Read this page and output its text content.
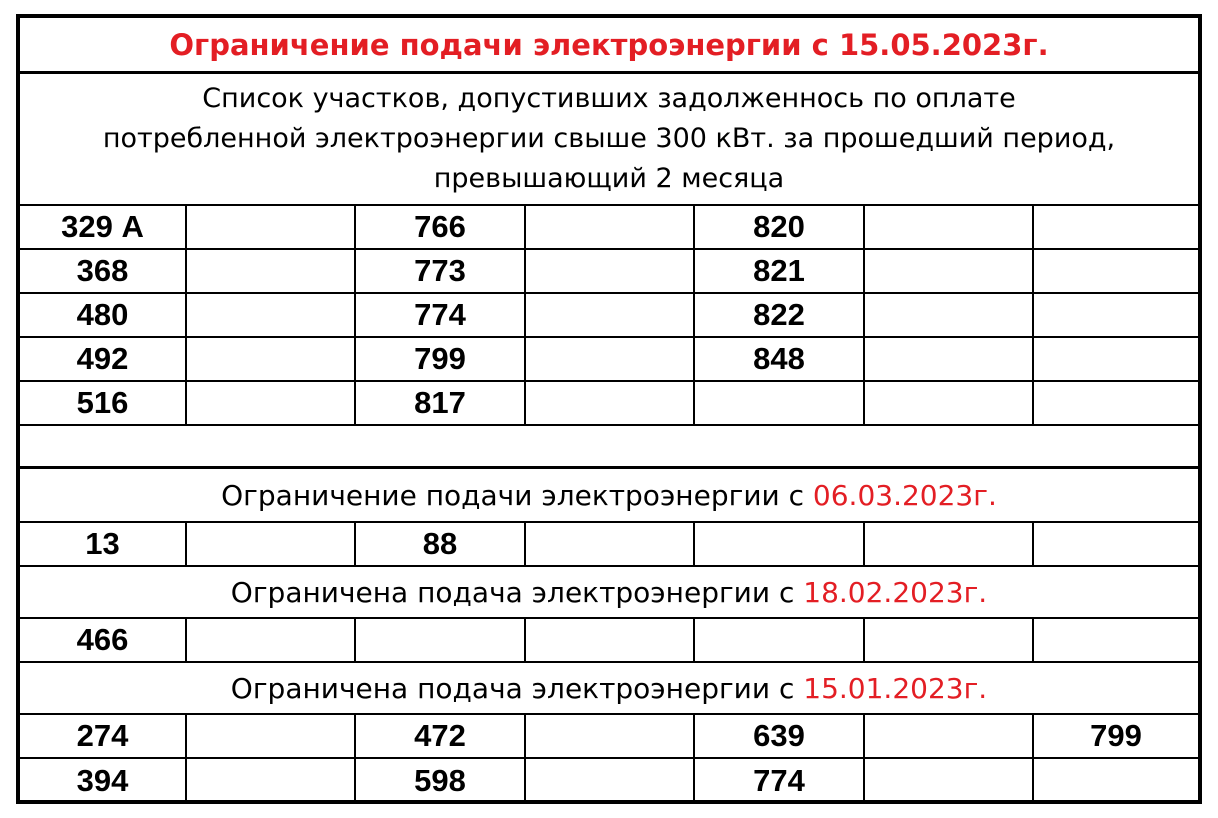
Ограничение подачи электроэнергии с 15.05.2023г.
Список участков, допустивших задолженнось по оплате
потребленной электроэнергии свыше 300 кВт. за прошедший период,
превышающий 2 месяца
329 А	766	820
368	773	821
480	774	822
492	799	848
516	817
Ограничение подачи электроэнергии с 06.03.2023г.
13	88
Ограничена подача электроэнергии с 18.02.2023г.
466
Ограничена подача электроэнергии с 15.01.2023г.
274	472	639	799
394	598	774
